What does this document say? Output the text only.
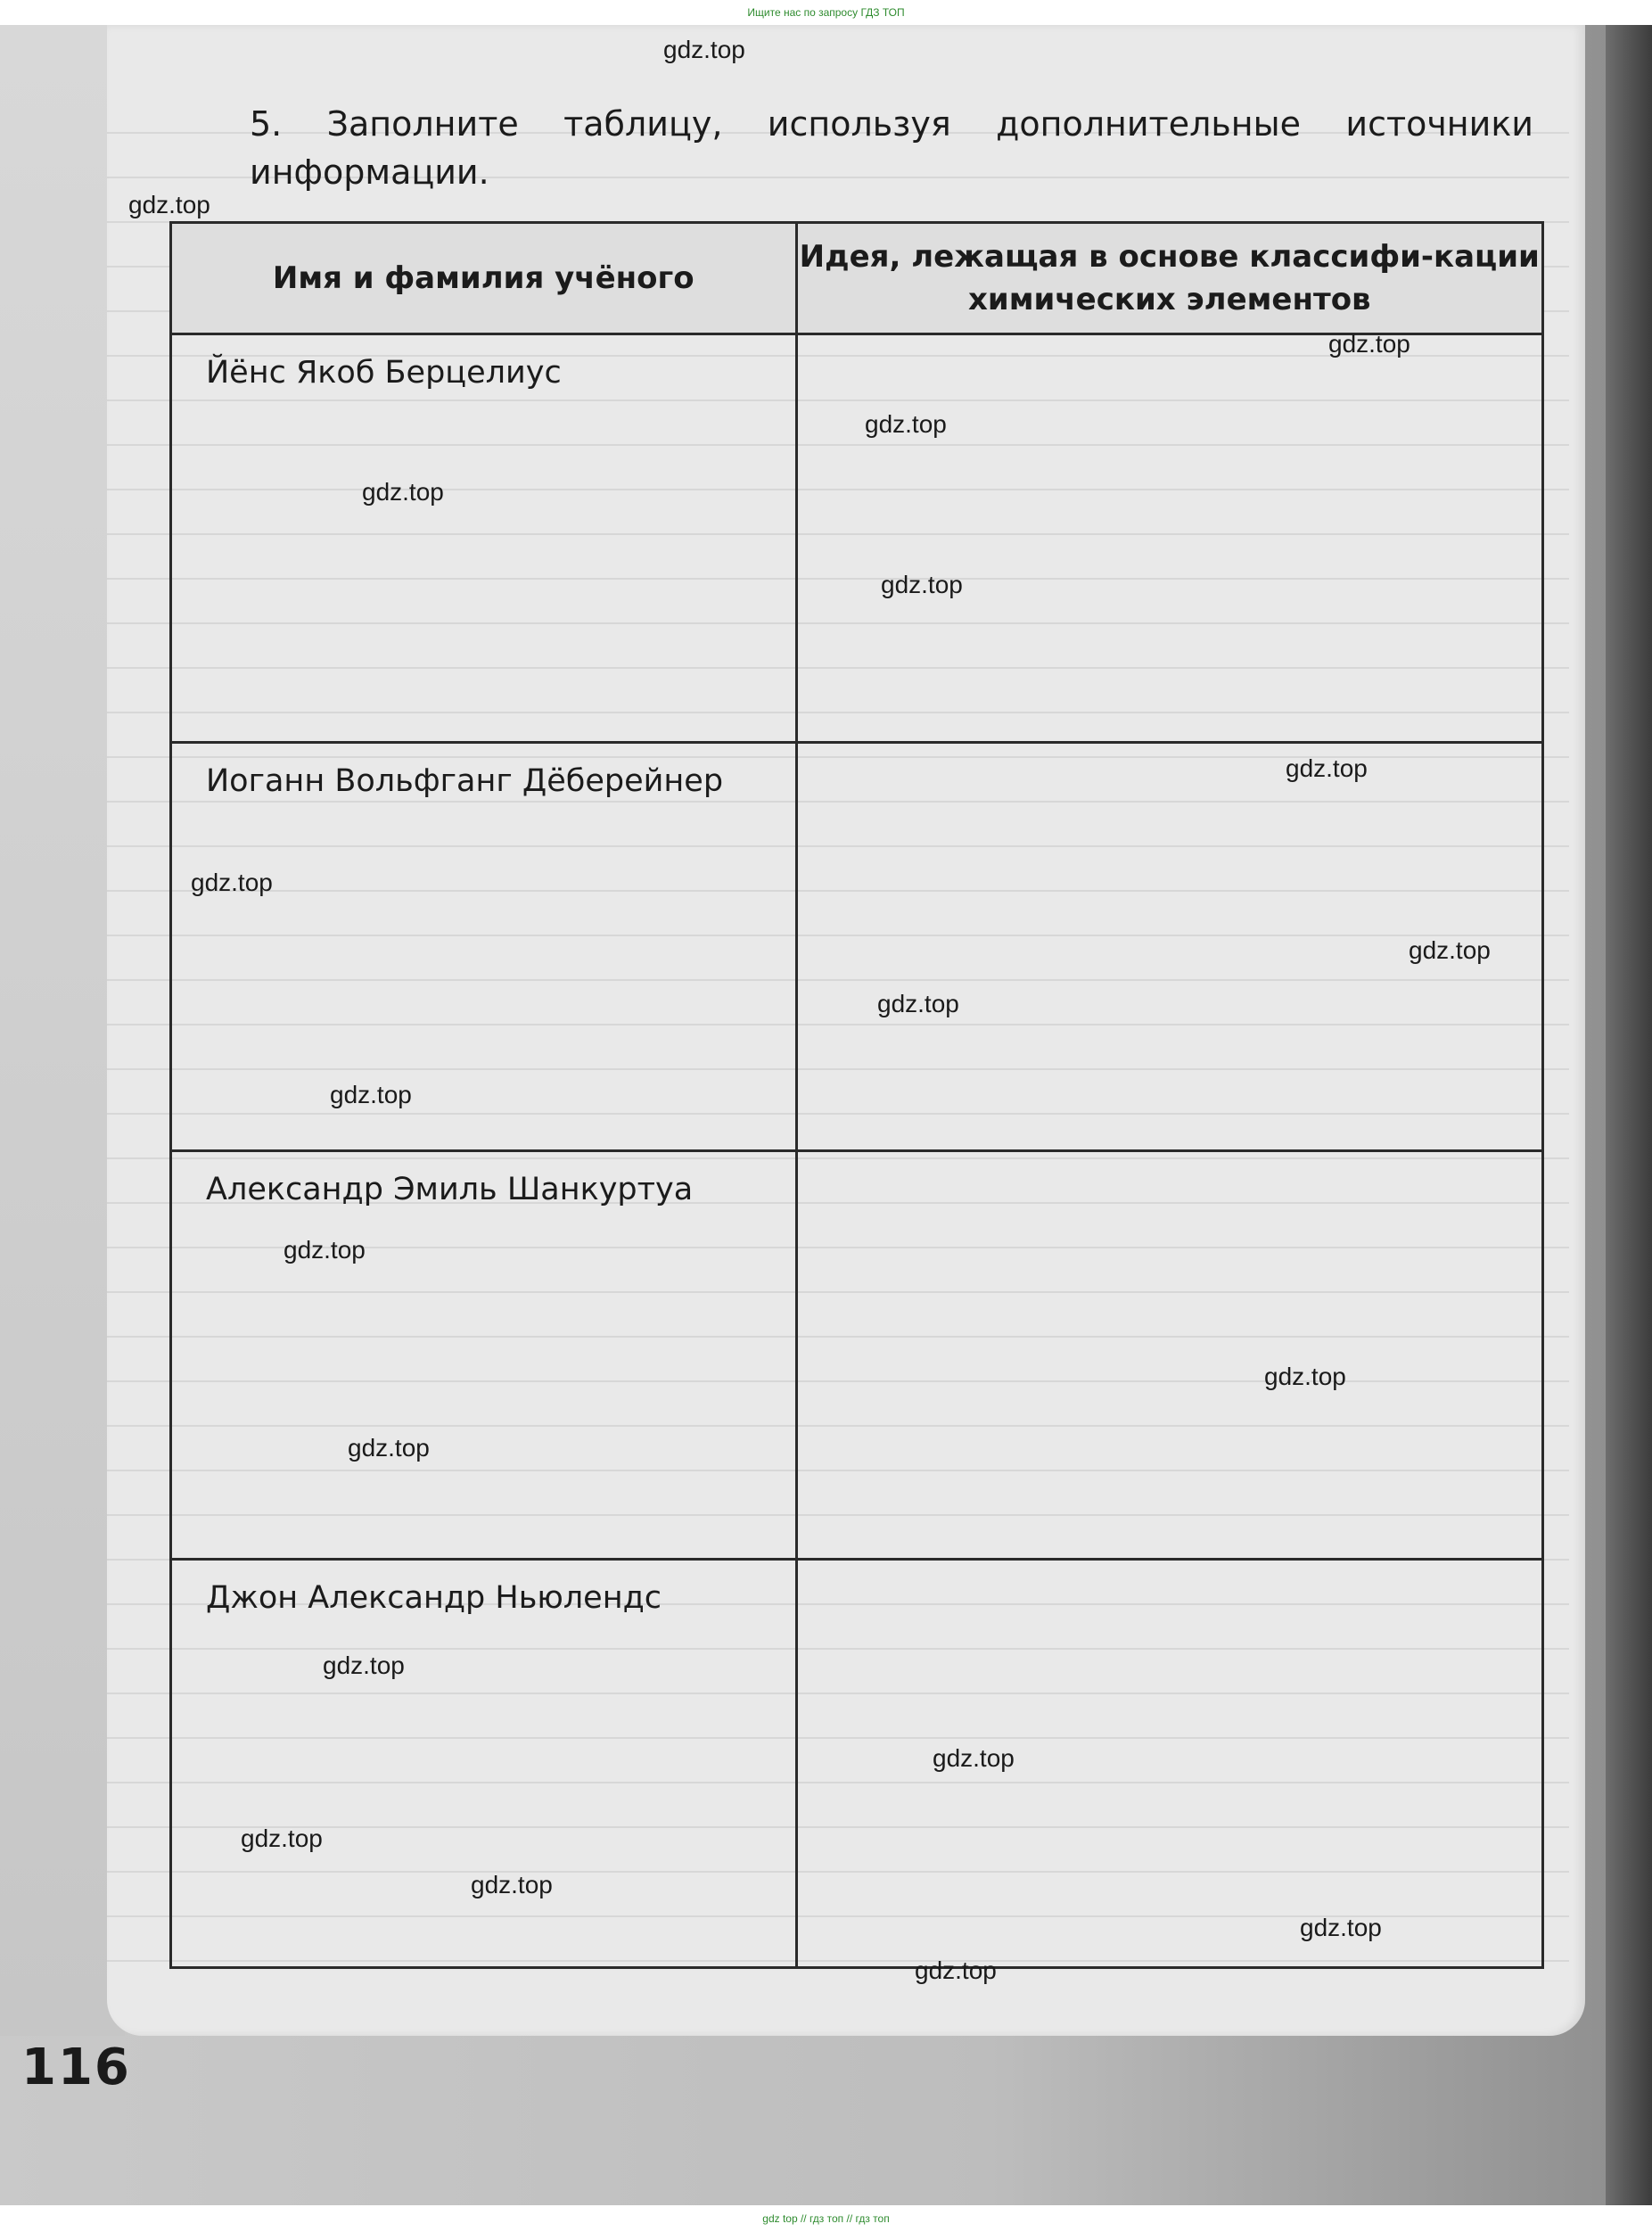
Ищите нас по запросу ГДЗ ТОП
5. Заполните таблицу, используя дополнительные источники информации.
Имя и фамилия учёного	Идея, лежащая в основе классифи-кации химических элементов
Йёнс Якоб Берцелиус	
Иоганн Вольфганг Дёберейнер	
Александр Эмиль Шанкуртуа	
Джон Александр Ньюлендс	
116
gdz.top
gdz.top
gdz.top
gdz.top
gdz.top
gdz.top
gdz.top
gdz.top
gdz.top
gdz.top
gdz.top
gdz.top
gdz.top
gdz.top
gdz.top
gdz.top
gdz.top
gdz.top
gdz.top
gdz.top
gdz top // гдз топ // гдз топ
